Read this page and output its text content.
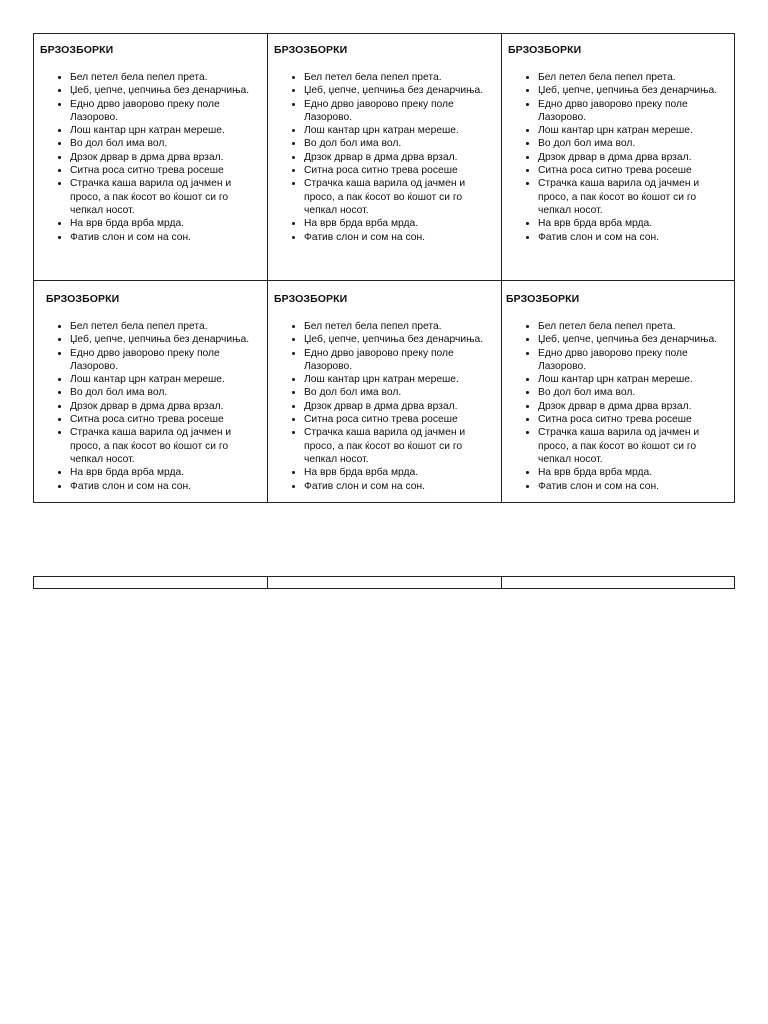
БРЗОЗБОРКИ
• Бел петел бела пепел прета.
• Џеб, џепче, џепчиња без денарчиња.
• Едно дрво јаворово преку поле Лазорово.
• Лош кантар црн катран мереше.
• Во дол бол има вол.
• Дрзок дрвар в дрма дрва врзал.
• Ситна роса ситно трева росеше
• Страчка каша варила од јачмен и просо, а пак ќосот во ќошот си го чепкал носот.
• На врв брда врба мрда.
• Фатив слон и сом на сон.
БРЗОЗБОРКИ
• Бел петел бела пепел прета.
• Џеб, џепче, џепчиња без денарчиња.
• Едно дрво јаворово преку поле Лазорово.
• Лош кантар црн катран мереше.
• Во дол бол има вол.
• Дрзок дрвар в дрма дрва врзал.
• Ситна роса ситно трева росеше
• Страчка каша варила од јачмен и просо, а пак ќосот во ќошот си го чепкал носот.
• На врв брда врба мрда.
• Фатив слон и сом на сон.
БРЗОЗБОРКИ
• Бел петел бела пепел прета.
• Џеб, џепче, џепчиња без денарчиња.
• Едно дрво јаворово преку поле Лазорово.
• Лош кантар црн катран мереше.
• Во дол бол има вол.
• Дрзок дрвар в дрма дрва врзал.
• Ситна роса ситно трева росеше
• Страчка каша варила од јачмен и просо, а пак ќосот во ќошот си го чепкал носот.
• На врв брда врба мрда.
• Фатив слон и сом на сон.
БРЗОЗБОРКИ
• Бел петел бела пепел прета.
• Џеб, џепче, џепчиња без денарчиња.
• Едно дрво јаворово преку поле Лазорово.
• Лош кантар црн катран мереше.
• Во дол бол има вол.
• Дрзок дрвар в дрма дрва врзал.
• Ситна роса ситно трева росеше
• Страчка каша варила од јачмен и просо, а пак ќосот во ќошот си го чепкал носот.
• На врв брда врба мрда.
• Фатив слон и сом на сон.
БРЗОЗБОРКИ
• Бел петел бела пепел прета.
• Џеб, џепче, џепчиња без денарчиња.
• Едно дрво јаворово преку поле Лазорово.
• Лош кантар црн катран мереше.
• Во дол бол има вол.
• Дрзок дрвар в дрма дрва врзал.
• Ситна роса ситно трева росеше
• Страчка каша варила од јачмен и просо, а пак ќосот во ќошот си го чепкал носот.
• На врв брда врба мрда.
• Фатив слон и сом на сон.
БРЗОЗБОРКИ
• Бел петел бела пепел прета.
• Џеб, џепче, џепчиња без денарчиња.
• Едно дрво јаворово преку поле Лазорово.
• Лош кантар црн катран мереше.
• Во дол бол има вол.
• Дрзок дрвар в дрма дрва врзал.
• Ситна роса ситно трева росеше
• Страчка каша варила од јачмен и просо, а пак ќосот во ќошот си го чепкал носот.
• На врв брда врба мрда.
• Фатив слон и сом на сон.
